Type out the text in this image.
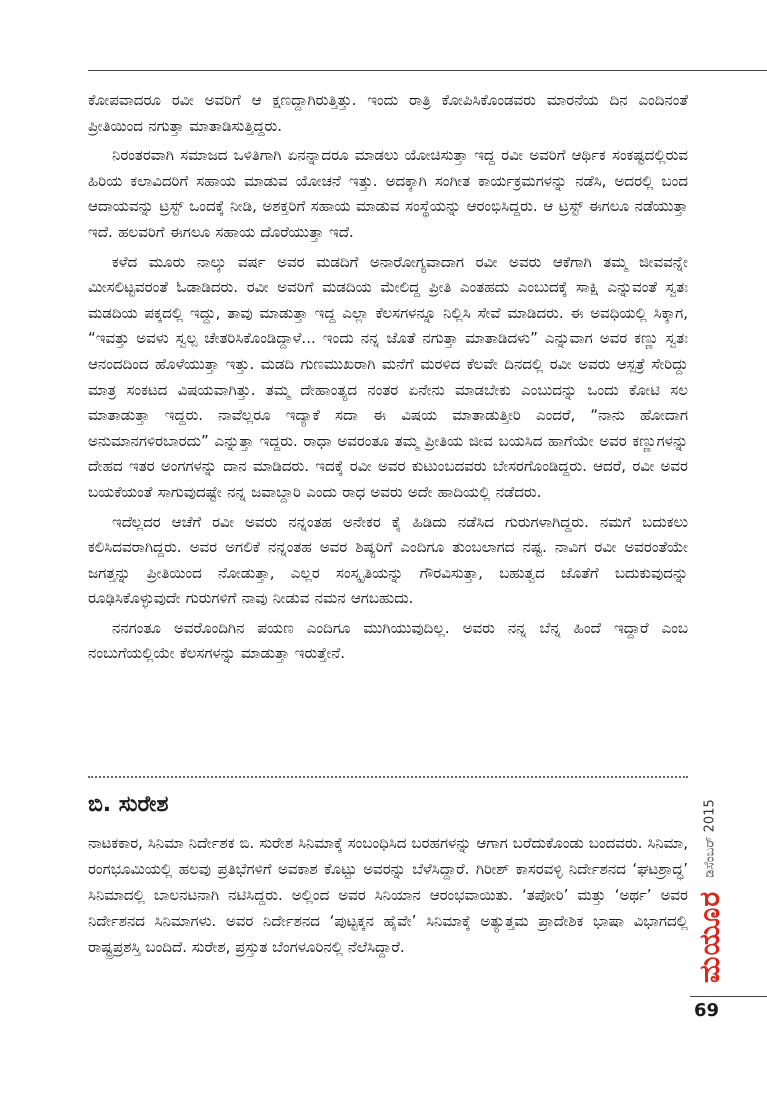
ಕೋಪವಾದರೂ ರವೀ ಅವರಿಗೆ ಆ ಕ್ಷಣದ್ದಾಗಿರುತ್ತಿತ್ತು. ಇಂದು ರಾತ್ರಿ ಕೋಪಿಸಿಕೊಂಡವರು ಮಾರನೆಯ ದಿನ ಎಂದಿನಂತೆ ಪ್ರೀತಿಯಿಂದ ನಗುತ್ತಾ ಮಾತಾಡಿಸುತ್ತಿದ್ದರು.

ನಿರಂತರವಾಗಿ ಸಮಾಜದ ಒಳಿತಿಗಾಗಿ ಏನನ್ನಾದರೂ ಮಾಡಲು ಯೋಚಿಸುತ್ತಾ ಇದ್ದ ರವೀ ಅವರಿಗೆ ಆರ್ಥಿಕ ಸಂಕಷ್ಟದಲ್ಲಿರುವ ಹಿರಿಯ ಕಲಾವಿದರಿಗೆ ಸಹಾಯ ಮಾಡುವ ಯೋಚನೆ ಇತ್ತು. ಅದಕ್ಕಾಗಿ ಸಂಗೀತ ಕಾರ್ಯಕ್ರಮಗಳನ್ನು ನಡೆಸಿ, ಅದರಲ್ಲಿ ಬಂದ ಆದಾಯವನ್ನು ಟ್ರಸ್ಟ್ ಒಂದಕ್ಕೆ ನೀಡಿ, ಅಶಕ್ತರಿಗೆ ಸಹಾಯ ಮಾಡುವ ಸಂಸ್ಥೆಯನ್ನು ಆರಂಭಿಸಿದ್ದರು. ಆ ಟ್ರಸ್ಟ್ ಈಗಲೂ ನಡೆಯುತ್ತಾ ಇದೆ. ಹಲವರಿಗೆ ಈಗಲೂ ಸಹಾಯ ದೊರೆಯುತ್ತಾ ಇದೆ.

ಕಳೆದ ಮೂರು ನಾಲ್ಕು ವರ್ಷ ಅವರ ಮಡದಿಗೆ ಅನಾರೋಗ್ಯವಾದಾಗ ರವೀ ಅವರು ಆಕೆಗಾಗಿ ತಮ್ಮ ಜೀವವನ್ನೇ ಮೀಸಲಿಟ್ಟವರಂತೆ ಓಡಾಡಿದರು. ರವೀ ಅವರಿಗೆ ಮಡದಿಯ ಮೇಲಿದ್ದ ಪ್ರೀತಿ ಎಂತಹದು ಎಂಬುದಕ್ಕೆ ಸಾಕ್ಷಿ ಎನ್ನುವಂತೆ ಸ್ವತಃ ಮಡದಿಯ ಪಕ್ಕದಲ್ಲಿ ಇದ್ದು, ತಾವು ಮಾಡುತ್ತಾ ಇದ್ದ ಎಲ್ಲಾ ಕೆಲಸಗಳನ್ನೂ ನಿಲ್ಲಿಸಿ ಸೇವೆ ಮಾಡಿದರು. ಈ ಅವಧಿಯಲ್ಲಿ ಸಿಕ್ಕಾಗ, “ಇವತ್ತು ಅವಳು ಸ್ವಲ್ಪ ಚೇತರಿಸಿಕೊಂಡಿದ್ದಾಳೆ... ಇಂದು ನನ್ನ ಜೊತೆ ನಗುತ್ತಾ ಮಾತಾಡಿದಳು” ಎನ್ನುವಾಗ ಅವರ ಕಣ್ಣು ಸ್ವತಃ ಆನಂದದಿಂದ ಹೊಳೆಯುತ್ತಾ ಇತ್ತು. ಮಡದಿ ಗುಣಮುಖರಾಗಿ ಮನೆಗೆ ಮರಳಿದ ಕೆಲವೇ ದಿನದಲ್ಲಿ ರವೀ ಅವರು ಆಸ್ಪತ್ರೆ ಸೇರಿದ್ದು ಮಾತ್ರ ಸಂಕಟದ ವಿಷಯವಾಗಿತ್ತು. ತಮ್ಮ ದೇಹಾಂತ್ಯದ ನಂತರ ಏನೇನು ಮಾಡಬೇಕು ಎಂಬುದನ್ನು ಒಂದು ಕೋಟಿ ಸಲ ಮಾತಾಡುತ್ತಾ ಇದ್ದರು. ನಾವೆಲ್ಲರೂ ಇದ್ಯಾಕೆ ಸದಾ ಈ ವಿಷಯ ಮಾತಾಡುತ್ತೀರಿ ಎಂದರೆ, “ನಾನು ಹೋದಾಗ ಅನುಮಾನಗಳಿರಬಾರದು” ಎನ್ನುತ್ತಾ ಇದ್ದರು. ರಾಧಾ ಅವರಂತೂ ತಮ್ಮ ಪ್ರೀತಿಯ ಜೀವ ಬಯಸಿದ ಹಾಗೆಯೇ ಅವರ ಕಣ್ಣುಗಳನ್ನು ದೇಹದ ಇತರ ಅಂಗಗಳನ್ನು ದಾನ ಮಾಡಿದರು. ಇದಕ್ಕೆ ರವೀ ಅವರ ಕುಟುಂಬದವರು ಬೇಸರಗೊಂಡಿದ್ದರು. ಆದರೆ, ರವೀ ಅವರ ಬಯಕೆಯಂತೆ ಸಾಗುವುದಷ್ಟೇ ನನ್ನ ಜವಾಬ್ದಾರಿ ಎಂದು ರಾಧ ಅವರು ಅದೇ ಹಾದಿಯಲ್ಲಿ ನಡೆದರು.

ಇದೆಲ್ಲದರ ಆಚೆಗೆ ರವೀ ಅವರು ನನ್ನಂತಹ ಅನೇಕರ ಕೈ ಹಿಡಿದು ನಡೆಸಿದ ಗುರುಗಳಾಗಿದ್ದರು. ನಮಗೆ ಬದುಕಲು ಕಲಿಸಿದವರಾಗಿದ್ದರು. ಅವರ ಅಗಲಿಕೆ ನನ್ನಂತಹ ಅವರ ಶಿಷ್ಯರಿಗೆ ಎಂದಿಗೂ ತುಂಬಲಾಗದ ನಷ್ಟ. ನಾವಿಗ ರವೀ ಅವರಂತೆಯೇ ಜಗತ್ತನ್ನು ಪ್ರೀತಿಯಿಂದ ನೋಡುತ್ತಾ, ಎಲ್ಲರ ಸಂಸ್ಕೃತಿಯನ್ನು ಗೌರವಿಸುತ್ತಾ, ಬಹುತ್ವದ ಜೊತೆಗೆ ಬದುಕುವುದನ್ನು ರೂಢಿಸಿಕೊಳ್ಳುವುದೇ ಗುರುಗಳಿಗೆ ನಾವು ನೀಡುವ ನಮನ ಆಗಬಹುದು.

ನನಗಂತೂ ಅವರೊಂದಿಗಿನ ಪಯಣ ಎಂದಿಗೂ ಮುಗಿಯುವುದಿಲ್ಲ. ಅವರು ನನ್ನ ಬೆನ್ನ ಹಿಂದೆ ಇದ್ದಾರೆ ಎಂಬ ನಂಬುಗೆಯಲ್ಲಿಯೇ ಕೆಲಸಗಳನ್ನು ಮಾಡುತ್ತಾ ಇರುತ್ತೇನೆ.

ಬಿ. ಸುರೇಶ

ನಾಟಕಕಾರ, ಸಿನಿಮಾ ನಿರ್ದೇಶಕ ಬಿ. ಸುರೇಶ ಸಿನಿಮಾಕ್ಕೆ ಸಂಬಂಧಿಸಿದ ಬರಹಗಳನ್ನು ಆಗಾಗ ಬರೆದುಕೊಂಡು ಬಂದವರು. ಸಿನಿಮಾ, ರಂಗಭೂಮಿಯಲ್ಲಿ ಹಲವು ಪ್ರತಿಭೆಗಳಿಗೆ ಅವಕಾಶ ಕೊಟ್ಟು ಅವರನ್ನು ಬೆಳೆಸಿದ್ದಾರೆ. ಗಿರೀಶ್ ಕಾಸರವಳ್ಳಿ ನಿರ್ದೇಶನದ ‘ಘಟಶ್ರಾದ್ಧ’ ಸಿನಿಮಾದಲ್ಲಿ ಬಾಲನಟನಾಗಿ ನಟಿಸಿದ್ದರು. ಅಲ್ಲಿಂದ ಅವರ ಸಿನಿಯಾನ ಆರಂಭವಾಯಿತು. ‘ತಪೋರಿ’ ಮತ್ತು ‘ಅರ್ಥ’ ಅವರ ನಿರ್ದೇಶನದ ಸಿನಿಮಾಗಳು. ಅವರ ನಿರ್ದೇಶನದ ‘ಪುಟ್ಟಕ್ಕನ ಹೈವೇ’ ಸಿನಿಮಾಕ್ಕೆ ಅತ್ಯುತ್ತಮ ಪ್ರಾದೇಶಿಕ ಭಾಷಾ ವಿಭಾಗದಲ್ಲಿ ರಾಷ್ಟ್ರಪ್ರಶಸ್ತಿ ಬಂದಿದೆ. ಸುರೇಶ, ಪ್ರಸ್ತುತ ಬೆಂಗಳೂರಿನಲ್ಲಿ ನೆಲೆಸಿದ್ದಾರೆ.

ಡಿಸೆಂಬರ್ 2015
ಮಯೂರ
69
